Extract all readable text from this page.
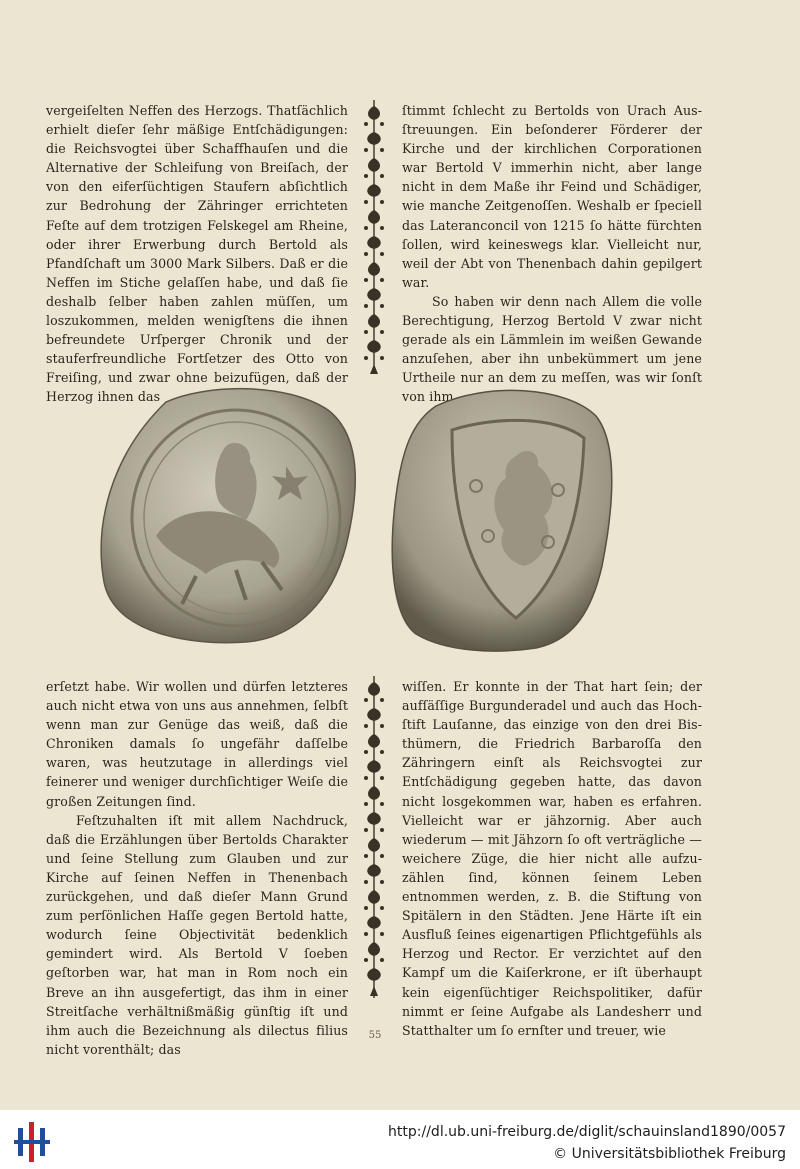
vergeiſelten Neffen des Herzogs. Thatſächlich erhielt dieſer ſehr mäßige Entſchädigungen: die Reichsvogtei über Schaffhauſen und die Alternative der Schleifung von Breiſach, der von den eiferſüchtigen Staufern abſichtlich zur Bedrohung der Zähringer errichteten Feſte auf dem trotzigen Felskegel am Rheine, oder ihrer Erwerbung durch Bertold als Pfandſchaft um 3000 Mark Silbers. Daß er die Neffen im Stiche gelaſſen habe, und daß ſie deshalb ſelber haben zahlen müſſen, um loszukommen, melden wenigſtens die ihnen befreundete Urſperger Chronik und der stauferfreundliche Fortſetzer des Otto von Freiſing, und zwar ohne beizufügen, daß der Herzog ihnen das

ſtimmt ſchlecht zu Bertolds von Urach Ausſtreuungen. Ein beſonderer Förderer der Kirche und der kirchlichen Corporationen war Bertold V immerhin nicht, aber lange nicht in dem Maße ihr Feind und Schädiger, wie manche Zeitgenoſſen. Weshalb er ſpeciell das Lateranconcil von 1215 ſo hätte fürchten ſollen, wird keineswegs klar. Vielleicht nur, weil der Abt von Thenenbach dahin gepilgert war.

So haben wir denn nach Allem die volle Berechtigung, Herzog Bertold V zwar nicht gerade als ein Lämmlein im weißen Gewande anzuſehen, aber ihn unbekümmert um jene Urtheile nur an dem zu meſſen, was wir ſonſt von ihm

erſetzt habe. Wir wollen und dürfen letzteres auch nicht etwa von uns aus annehmen, ſelbſt wenn man zur Genüge das weiß, daß die Chroniken damals ſo ungefähr daſſelbe waren, was heutzutage in allerdings viel feinerer und weniger durchſichtiger Weiſe die großen Zeitungen ſind.

Feſtzuhalten iſt mit allem Nachdruck, daß die Erzählungen über Bertolds Charakter und ſeine Stellung zum Glauben und zur Kirche auf ſeinen Neffen in Thenenbach zurückgehen, und daß dieſer Mann Grund zum perſönlichen Haſſe gegen Bertold hatte, wodurch ſeine Objectivität bedenklich gemindert wird. Als Bertold V ſoeben geſtorben war, hat man in Rom noch ein Breve an ihn ausgefertigt, das ihm in einer Streitſache verhältnißmäßig günſtig iſt und ihm auch die Bezeichnung als dilectus filius nicht vorenthält; das

wiſſen. Er konnte in der That hart ſein; der aufſäſſige Burgunderadel und auch das Hochſtift Lauſanne, das einzige von den drei Bisthümern, die Friedrich Barbaroſſa den Zähringern einſt als Reichsvogtei zur Entſchädigung gegeben hatte, das davon nicht losgekommen war, haben es erfahren. Vielleicht war er jähzornig. Aber auch wiederum — mit Jähzorn ſo oft verträgliche — weichere Züge, die hier nicht alle aufzuzählen ſind, können ſeinem Leben entnommen werden, z. B. die Stiftung von Spitälern in den Städten. Jene Härte iſt ein Ausfluß ſeines eigenartigen Pflichtgefühls als Herzog und Rector. Er verzichtet auf den Kampf um die Kaiſerkrone, er iſt überhaupt kein eigenſüchtiger Reichspolitiker, dafür nimmt er ſeine Aufgabe als Landesherr und Statthalter um ſo ernſter und treuer, wie

55
http://dl.ub.uni-freiburg.de/diglit/schauinsland1890/0057
© Universitätsbibliothek Freiburg
